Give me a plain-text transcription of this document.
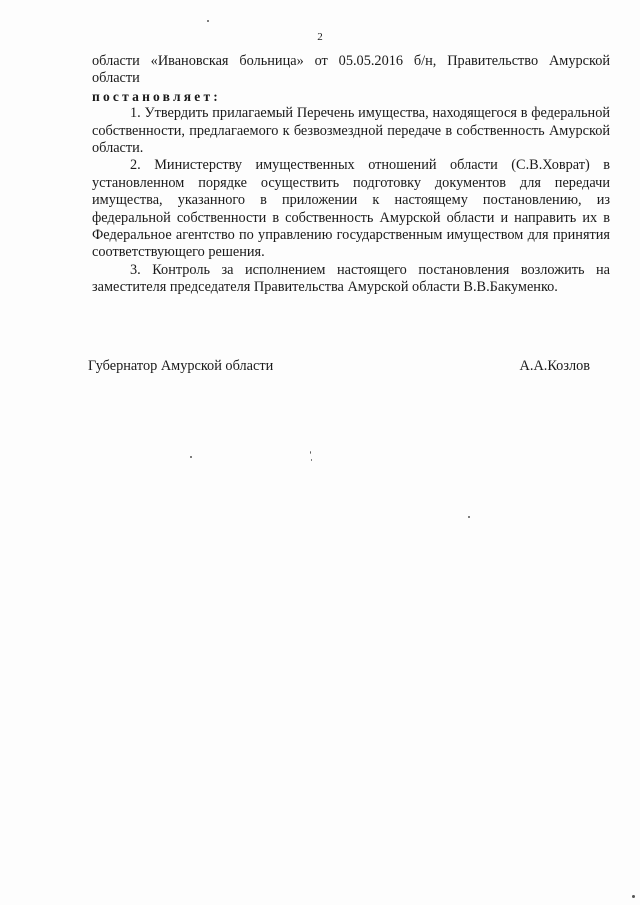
2

области «Ивановская больница» от 05.05.2016 б/н, Правительство Амурской области

постановляет:

1. Утвердить прилагаемый Перечень имущества, находящегося в федеральной собственности, предлагаемого к безвозмездной передаче в собственность Амурской области.

2. Министерству имущественных отношений области (С.В.Ховрат) в установленном порядке осуществить подготовку документов для передачи имущества, указанного в приложении к настоящему постановлению, из федеральной собственности в собственность Амурской области и направить их в Федеральное агентство по управлению государственным имуществом для принятия соответствующего решения.

3. Контроль за исполнением настоящего постановления возложить на заместителя председателя Правительства Амурской области В.В.Бакуменко.

Губернатор Амурской области	А.А.Козлов
